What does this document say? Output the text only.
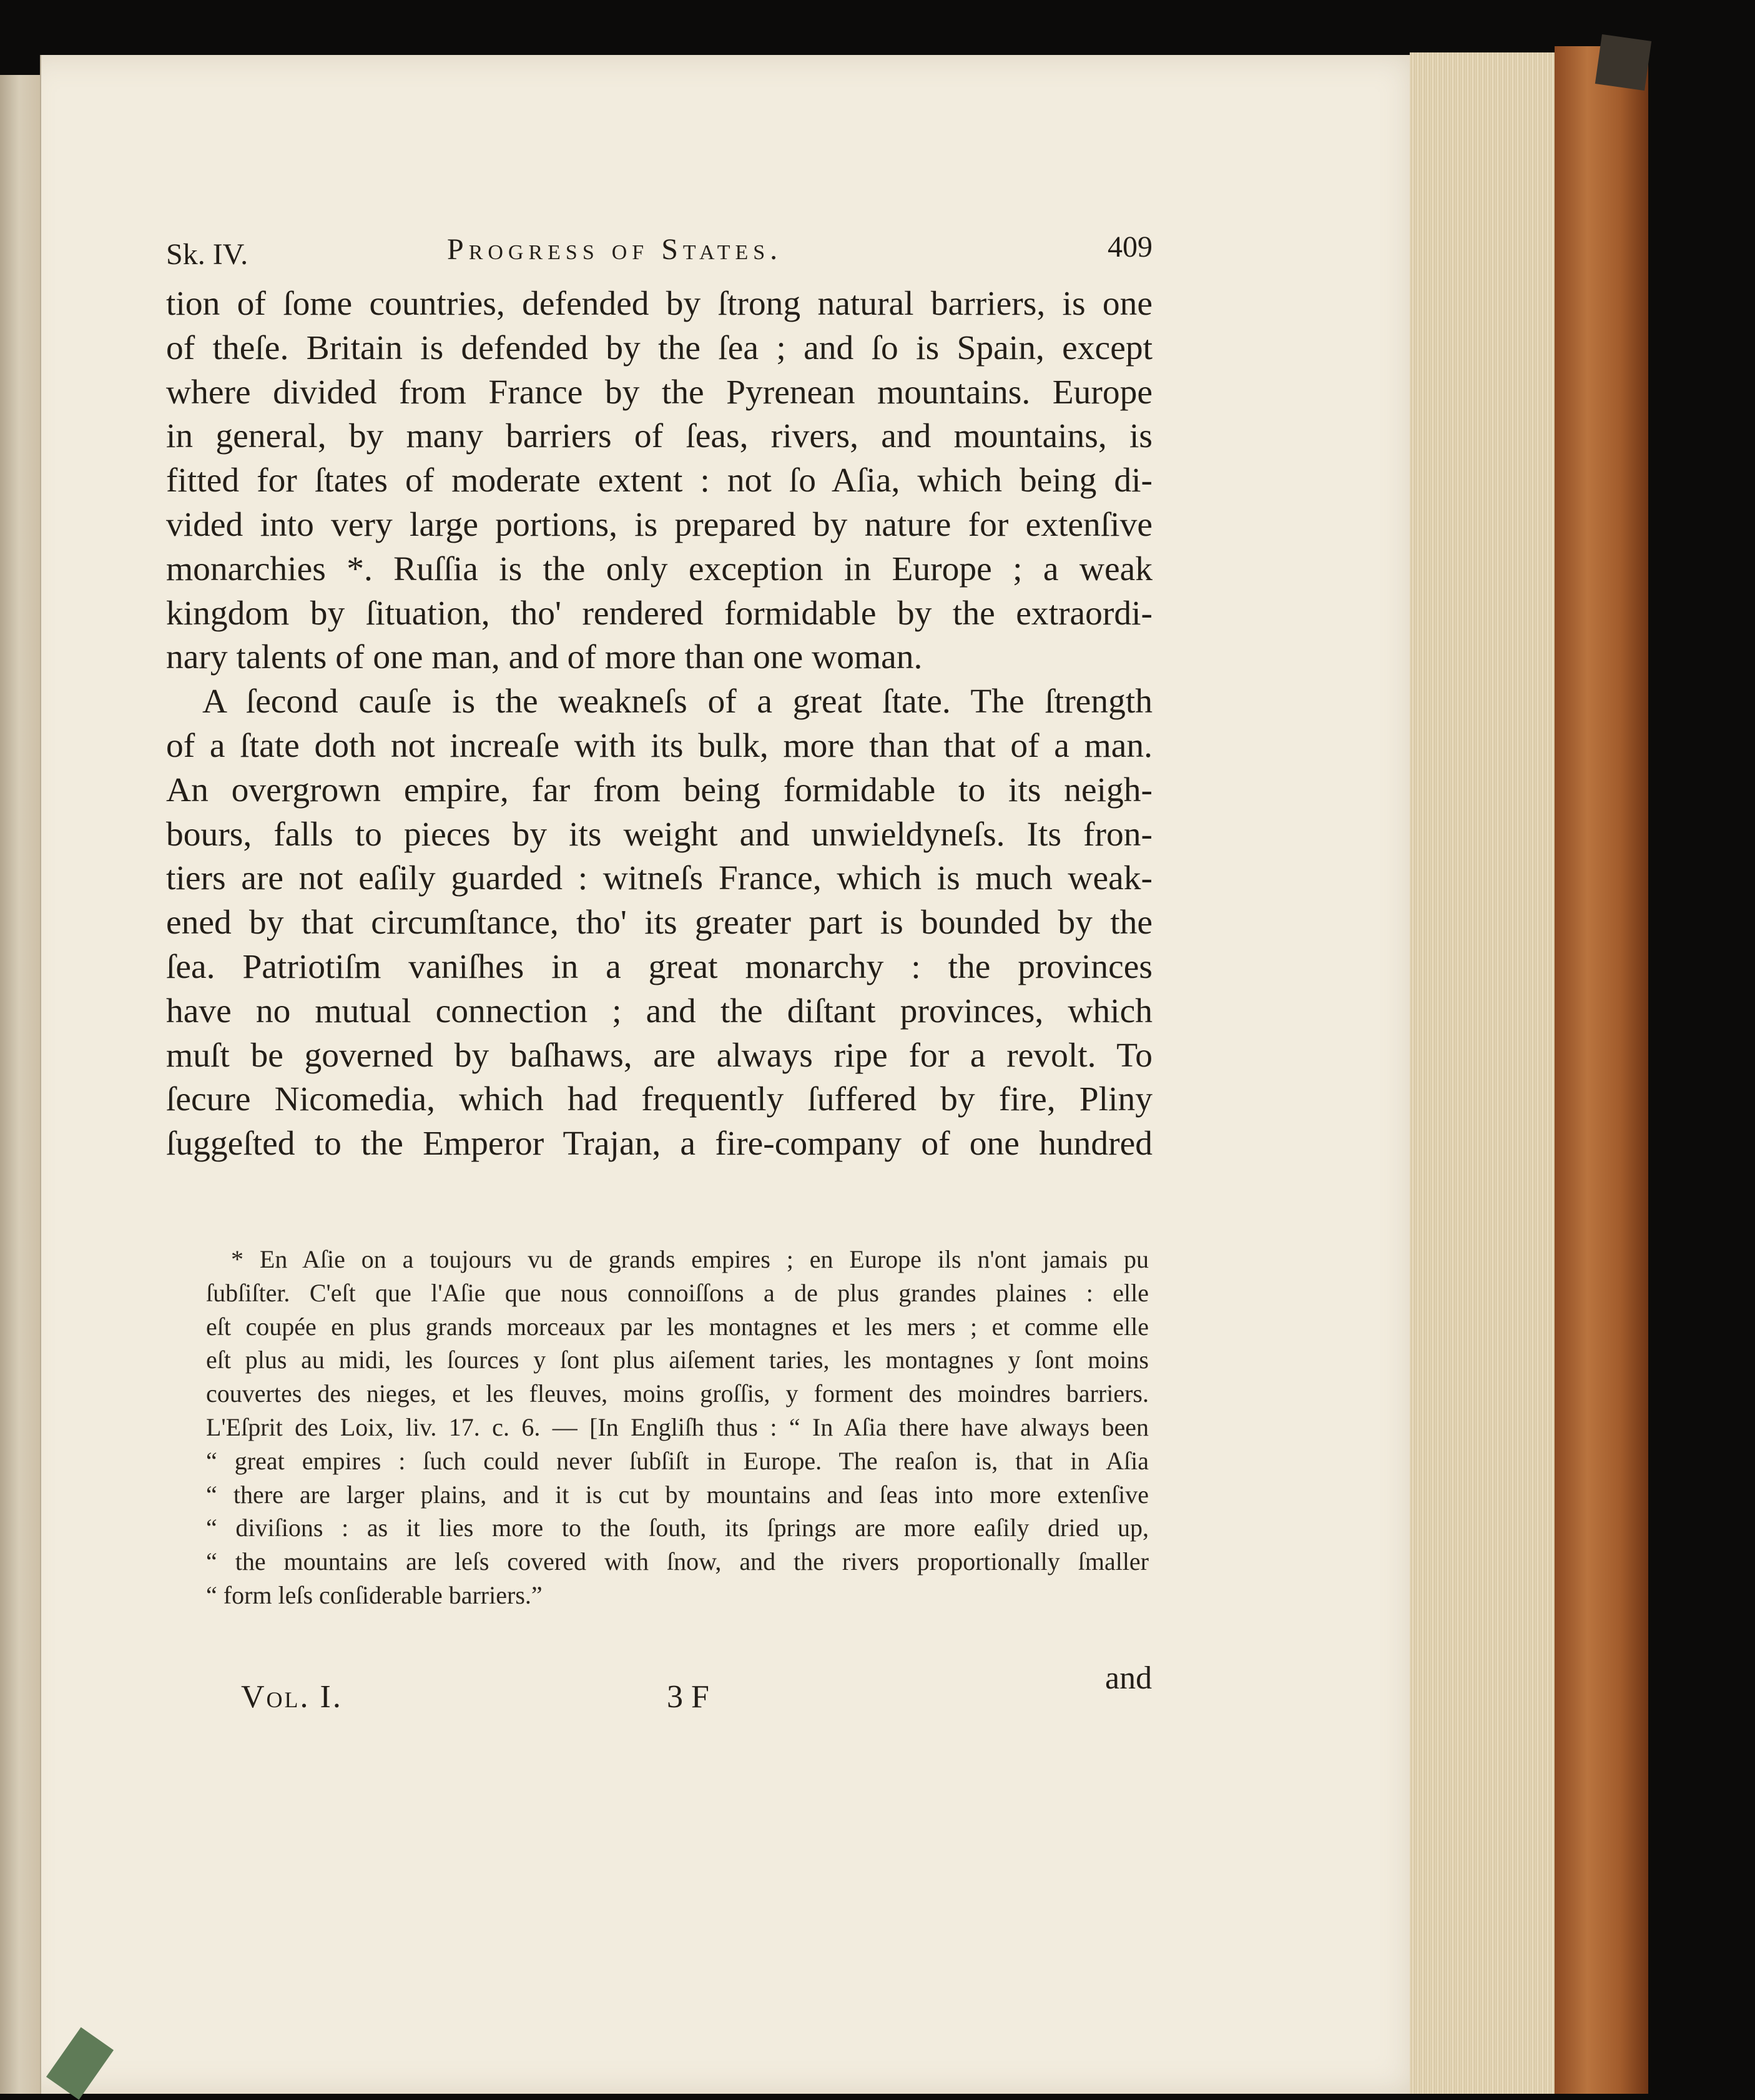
Sk. IV.	Progress of States.	409

tion of ſome countries, defended by ſtrong natural barriers, is one

of theſe. Britain is defended by the ſea ; and ſo is Spain, except

where divided from France by the Pyrenean mountains. Europe

in general, by many barriers of ſeas, rivers, and mountains, is

fitted for ſtates of moderate extent : not ſo Aſia, which being di-

vided into very large portions, is prepared by nature for extenſive

monarchies *. Ruſſia is the only exception in Europe ; a weak

kingdom by ſituation, tho' rendered formidable by the extraordi-

nary talents of one man, and of more than one woman.

A ſecond cauſe is the weakneſs of a great ſtate. The ſtrength

of a ſtate doth not increaſe with its bulk, more than that of a man.

An overgrown empire, far from being formidable to its neigh-

bours, falls to pieces by its weight and unwieldyneſs. Its fron-

tiers are not eaſily guarded : witneſs France, which is much weak-

ened by that circumſtance, tho' its greater part is bounded by the

ſea. Patriotiſm vaniſhes in a great monarchy : the provinces

have no mutual connection ; and the diſtant provinces, which

muſt be governed by baſhaws, are always ripe for a revolt. To

ſecure Nicomedia, which had frequently ſuffered by fire, Pliny

ſuggeſted to the Emperor Trajan, a fire-company of one hundred

* En Aſie on a toujours vu de grands empires ; en Europe ils n'ont jamais pu

ſubſiſter. C'eſt que l'Aſie que nous connoiſſons a de plus grandes plaines : elle

eſt coupée en plus grands morceaux par les montagnes et les mers ; et comme elle

eſt plus au midi, les ſources y ſont plus aiſement taries, les montagnes y ſont moins

couvertes des nieges, et les fleuves, moins groſſis, y forment des moindres barriers.

L'Eſprit des Loix, liv. 17. c. 6. — [In Engliſh thus : “ In Aſia there have always been

“ great empires : ſuch could never ſubſiſt in Europe. The reaſon is, that in Aſia

“ there are larger plains, and it is cut by mountains and ſeas into more extenſive

“ diviſions : as it lies more to the ſouth, its ſprings are more eaſily dried up,

“ the mountains are leſs covered with ſnow, and the rivers proportionally ſmaller

“ form leſs conſiderable barriers.”

Vol. I.	3 F
and
